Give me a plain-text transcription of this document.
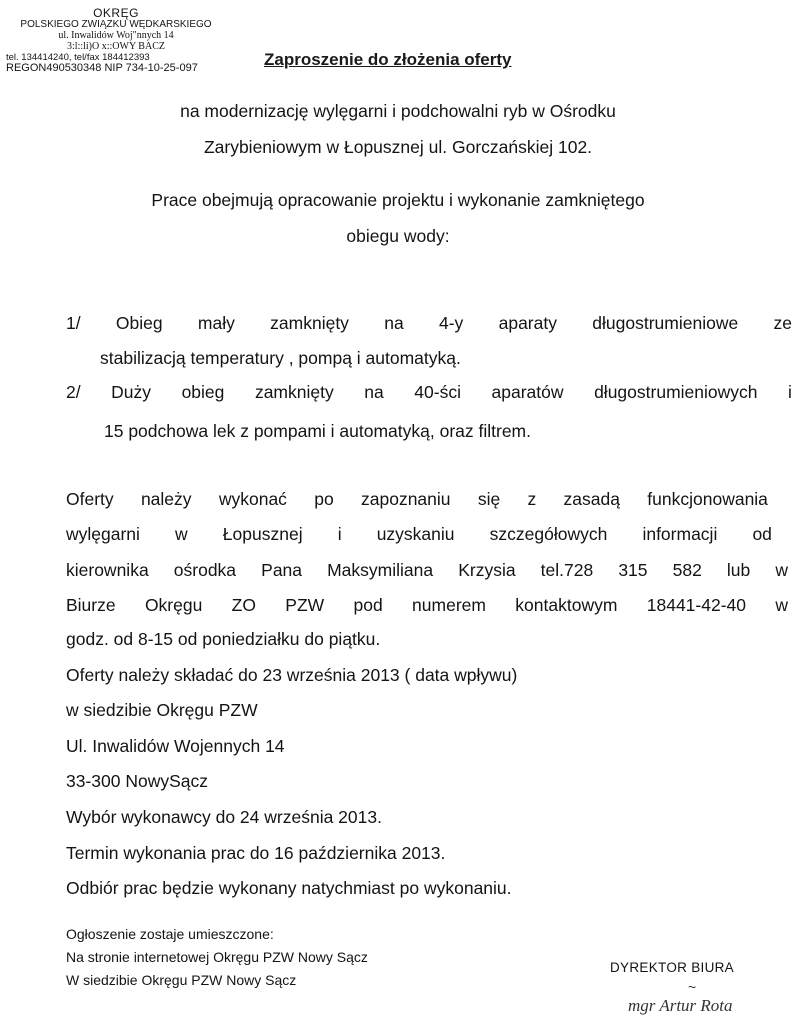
OKRĘG
POLSKIEGO ZWIĄZKU WĘDKARSKIEGO
ul. Inwalidów Woj"nnych 14
3:l::li)O x::OWY BACZ
tel. 134414240, tel/fax 184412393
REGON490530348 NIP 734-10-25-097	Zaproszenie do złożenia oferty
na modernizację wylęgarni i podchowalni ryb w Ośrodku
Zarybieniowym w Łopusznej ul. Gorczańskiej 102.
Prace obejmują opracowanie projektu i wykonanie zamkniętego
obiegu wody:
1/ Obieg mały zamknięty na 4-y aparaty długostrumieniowe ze
stabilizacją temperatury , pompą i automatyką.
2/ Duży obieg zamknięty na 40-ści aparatów długostrumieniowych i
15 podchowa lek z pompami i automatyką, oraz filtrem.
Oferty należy wykonać po zapoznaniu się z zasadą funkcjonowania
wylęgarni w Łopusznej i uzyskaniu szczegółowych informacji od
kierownika ośrodka Pana Maksymiliana Krzysia tel.728 315 582 lub w
Biurze Okręgu ZO PZW pod numerem kontaktowym 18441-42-40 w
godz. od 8-15 od poniedziałku do piątku.
Oferty należy składać do 23 września 2013 ( data wpływu)
w siedzibie Okręgu PZW
Ul. Inwalidów Wojennych 14
33-300 NowySącz
Wybór wykonawcy do 24 września 2013.
Termin wykonania prac do 16 października 2013.
Odbiór prac będzie wykonany natychmiast po wykonaniu.
Ogłoszenie zostaje umieszczone:
Na stronie internetowej Okręgu PZW Nowy Sącz
W siedzibie Okręgu PZW Nowy Sącz
DYREKTOR BIURA
~
mgr Artur Rota
